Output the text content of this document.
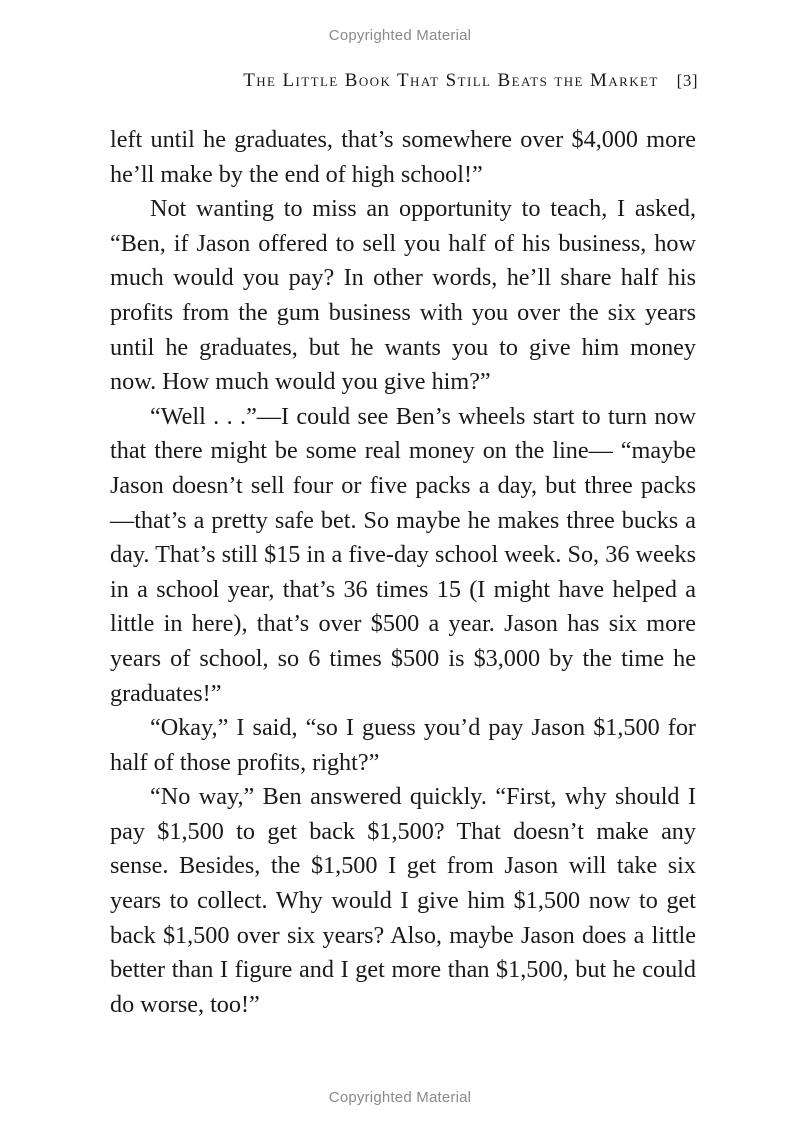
Copyrighted Material
The Little Book That Still Beats the Market [3]

left until he graduates, that’s somewhere over $4,000 more he’ll make by the end of high school!”

Not wanting to miss an opportunity to teach, I asked, “Ben, if Jason offered to sell you half of his business, how much would you pay? In other words, he’ll share half his profits from the gum business with you over the six years until he graduates, but he wants you to give him money now. How much would you give him?”

“Well . . .”—I could see Ben’s wheels start to turn now that there might be some real money on the line— “maybe Jason doesn’t sell four or five packs a day, but three packs—that’s a pretty safe bet. So maybe he makes three bucks a day. That’s still $15 in a five-day school week. So, 36 weeks in a school year, that’s 36 times 15 (I might have helped a little in here), that’s over $500 a year. Jason has six more years of school, so 6 times $500 is $3,000 by the time he graduates!”

“Okay,” I said, “so I guess you’d pay Jason $1,500 for half of those profits, right?”

“No way,” Ben answered quickly. “First, why should I pay $1,500 to get back $1,500? That doesn’t make any sense. Besides, the $1,500 I get from Jason will take six years to collect. Why would I give him $1,500 now to get back $1,500 over six years? Also, maybe Jason does a little better than I figure and I get more than $1,500, but he could do worse, too!”

Copyrighted Material
